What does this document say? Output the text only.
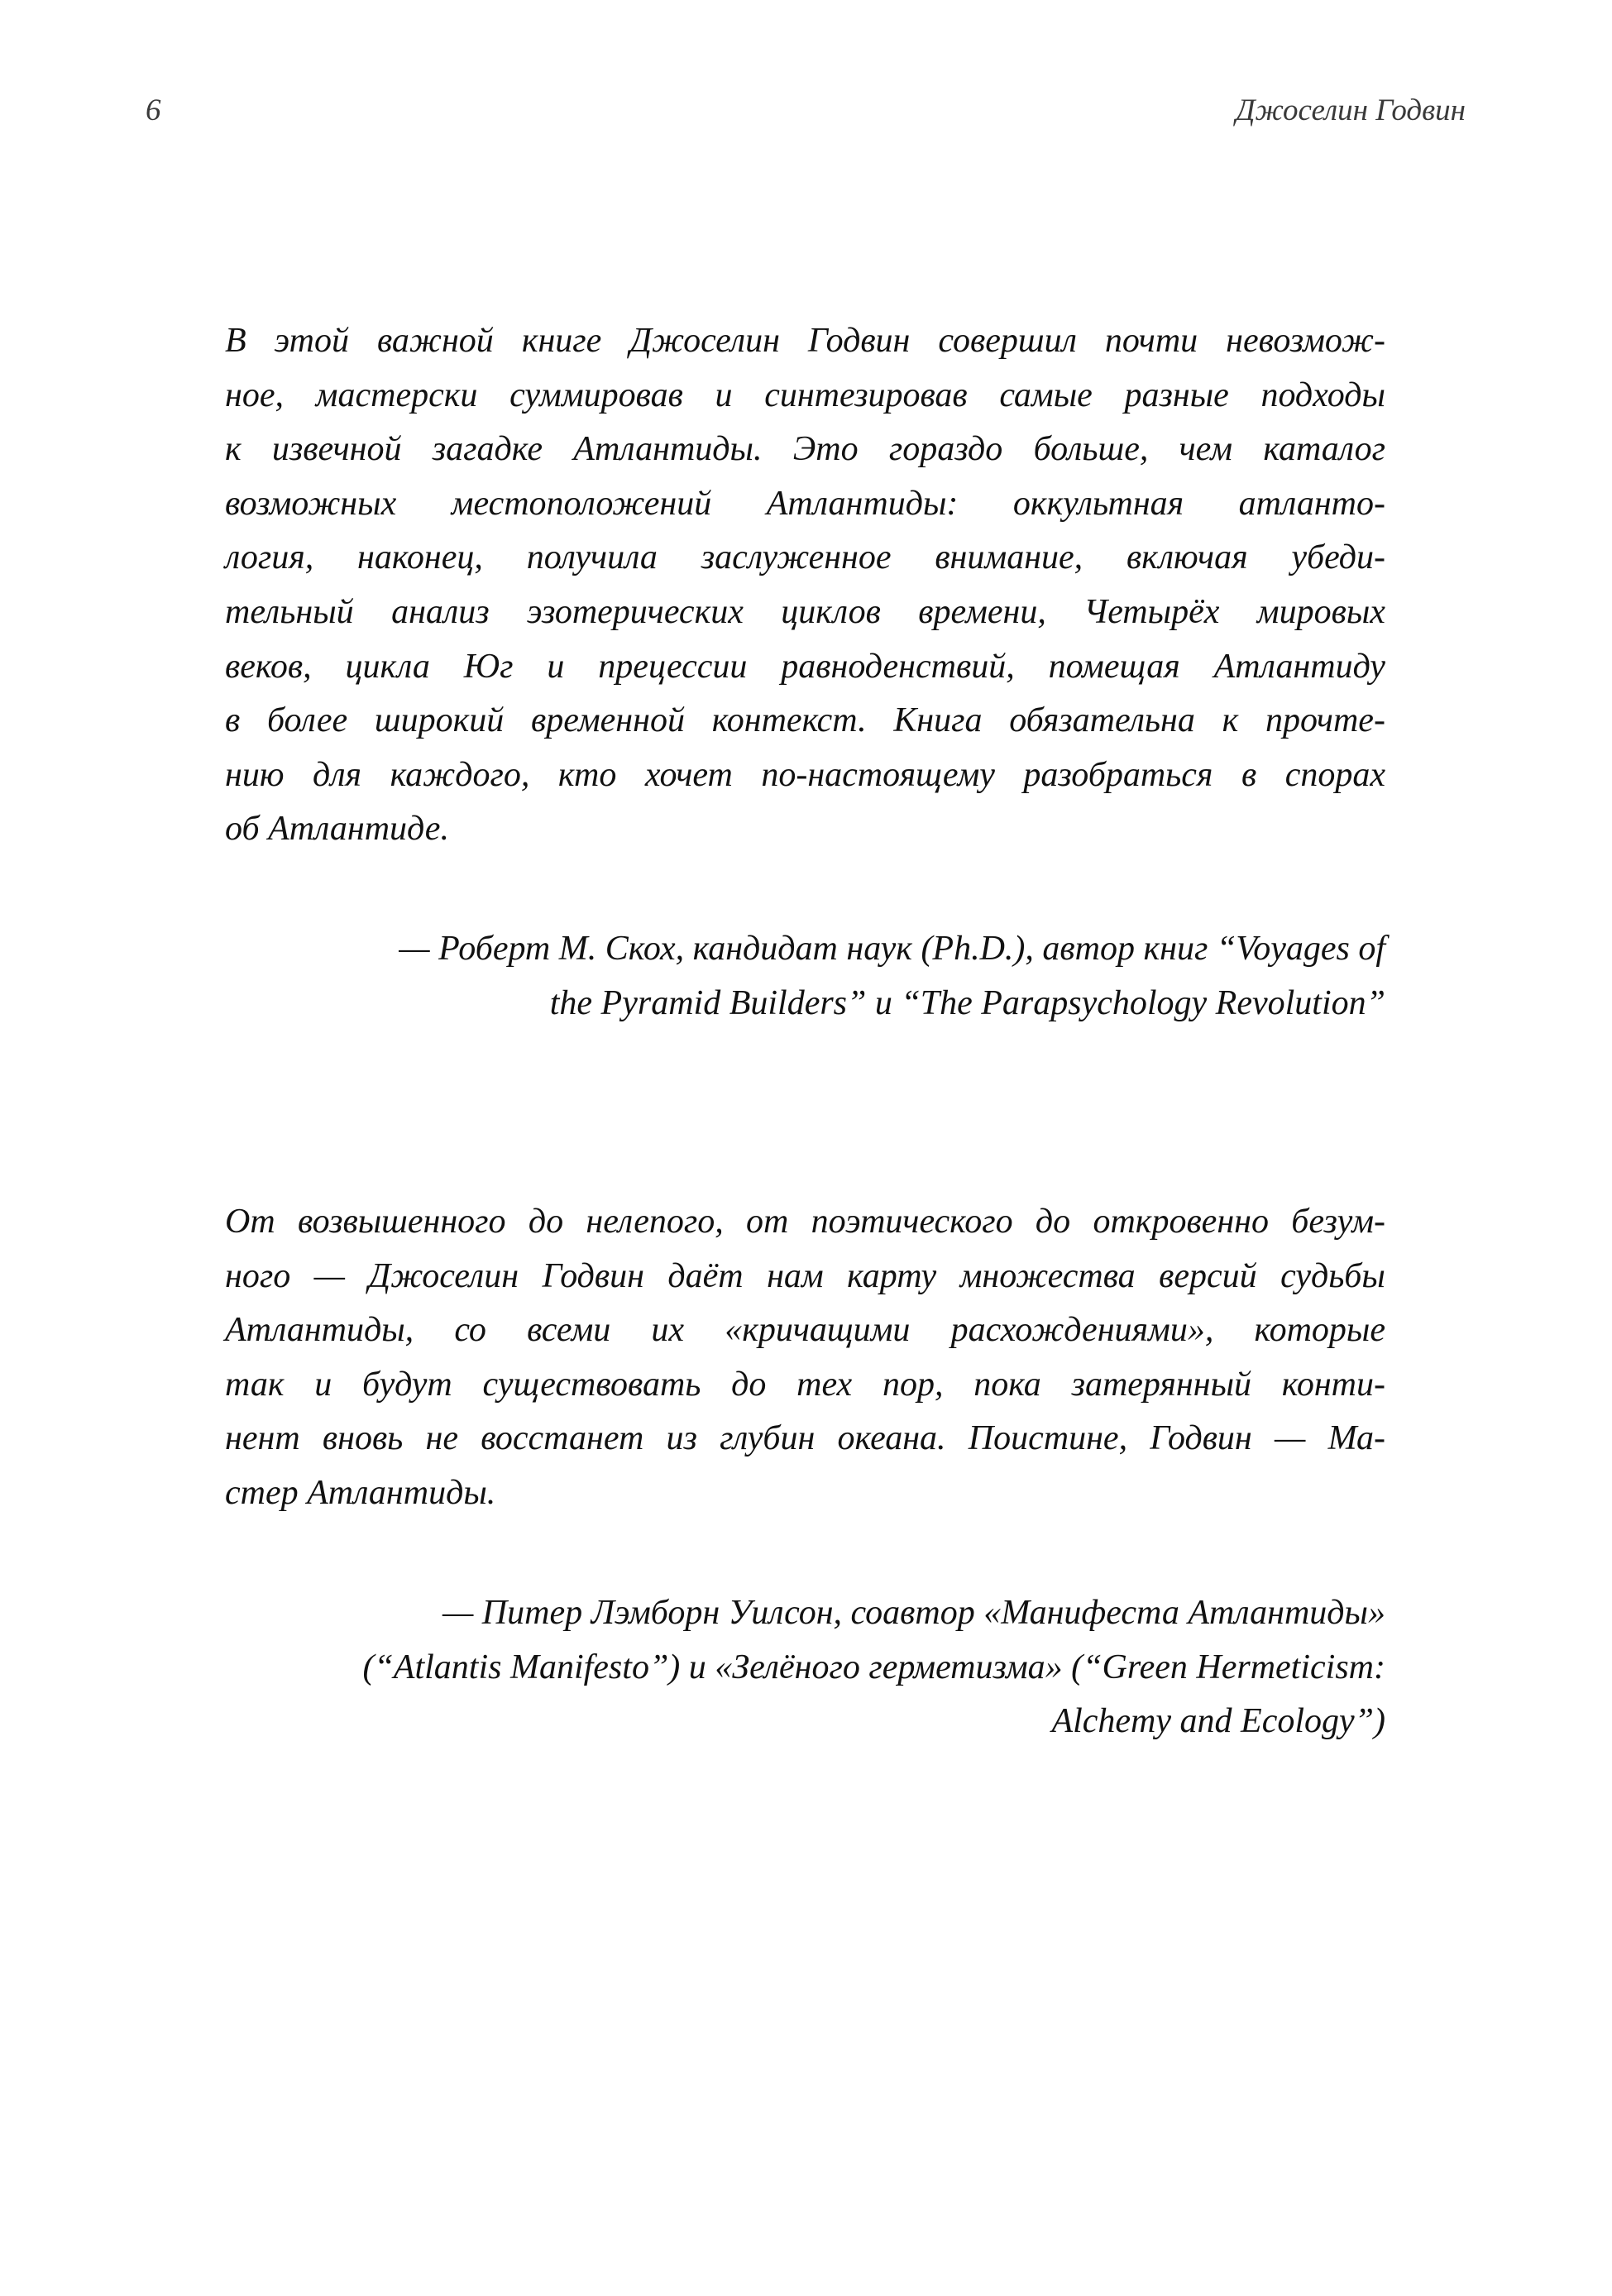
6	Джоселин Годвин
В этой важной книге Джоселин Годвин совершил почти невозмож-
ное, мастерски суммировав и синтезировав самые разные подходы
к извечной загадке Атлантиды. Это гораздо больше, чем каталог
возможных местоположений Атлантиды: оккультная атланто-
логия, наконец, получила заслуженное внимание, включая убеди-
тельный анализ эзотерических циклов времени, Четырёх мировых
веков, цикла Юг и прецессии равноденствий, помещая Атлантиду
в более широкий временной контекст. Книга обязательна к прочте-
нию для каждого, кто хочет по-настоящему разобраться в спорах
об Атлантиде.
— Роберт М. Скох, кандидат наук (Ph.D.), автор книг “Voyages of
the Pyramid Builders” и “The Parapsychology Revolution”
От возвышенного до нелепого, от поэтического до откровенно безум-
ного — Джоселин Годвин даёт нам карту множества версий судьбы
Атлантиды, со всеми их «кричащими расхождениями», которые
так и будут существовать до тех пор, пока затерянный конти-
нент вновь не восстанет из глубин океана. Поистине, Годвин — Ма-
стер Атлантиды.
— Питер Лэмборн Уилсон, соавтор «Манифеста Атлантиды»
(“Atlantis Manifesto”) и «Зелёного герметизма» (“Green Hermeticism:
Alchemy and Ecology”)
